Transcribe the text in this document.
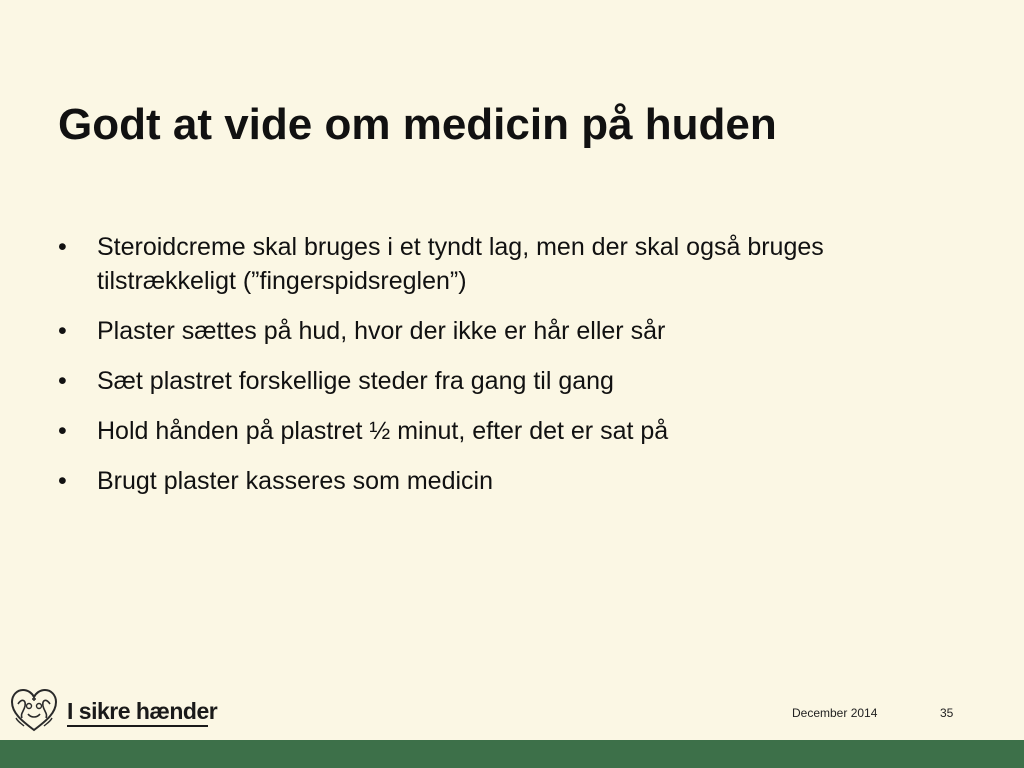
Godt at vide om medicin på huden
•	Steroidcreme skal bruges i et tyndt lag, men der skal også bruges tilstrækkeligt (”fingerspidsreglen”)
•	Plaster sættes på hud, hvor der ikke er hår eller sår
•	Sæt plastret forskellige steder fra gang til gang
•	Hold hånden på plastret ½ minut, efter det er sat på
•	Brugt plaster kasseres som medicin
I sikre hænder	December 2014	35
